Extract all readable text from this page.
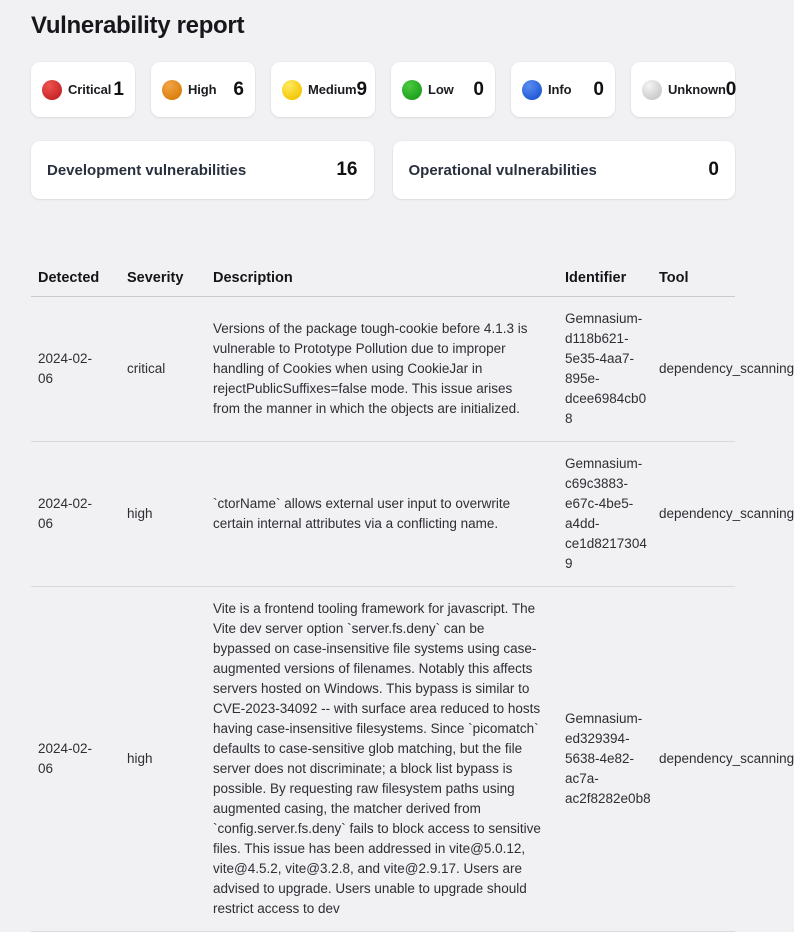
Vulnerability report
Critical 1	High 6	Medium 9	Low 0	Info 0	Unknown 0
Development vulnerabilities	16	Operational vulnerabilities	0
Detected	Severity	Description	Identifier	Tool
2024-02-06	critical	Versions of the package tough-cookie before 4.1.3 is vulnerable to Prototype Pollution due to improper handling of Cookies when using CookieJar in rejectPublicSuffixes=false mode. This issue arises from the manner in which the objects are initialized.	Gemnasium-d118b621-5e35-4aa7-895e-dcee6984cb08	dependency_scanning
2024-02-06	high	`ctorName` allows external user input to overwrite certain internal attributes via a conflicting name.	Gemnasium-c69c3883-e67c-4be5-a4dd-ce1d82173049	dependency_scanning
2024-02-06	high	Vite is a frontend tooling framework for javascript. The Vite dev server option `server.fs.deny` can be bypassed on case-insensitive file systems using case-augmented versions of filenames. Notably this affects servers hosted on Windows. This bypass is similar to CVE-2023-34092 -- with surface area reduced to hosts having case-insensitive filesystems. Since `picomatch` defaults to case-sensitive glob matching, but the file server does not discriminate; a block list bypass is possible. By requesting raw filesystem paths using augmented casing, the matcher derived from `config.server.fs.deny` fails to block access to sensitive files. This issue has been addressed in vite@5.0.12, vite@4.5.2, vite@3.2.8, and vite@2.9.17. Users are advised to upgrade. Users unable to upgrade should restrict access to dev	Gemnasium-ed329394-5638-4e82-ac7a-ac2f8282e0b8	dependency_scanning
